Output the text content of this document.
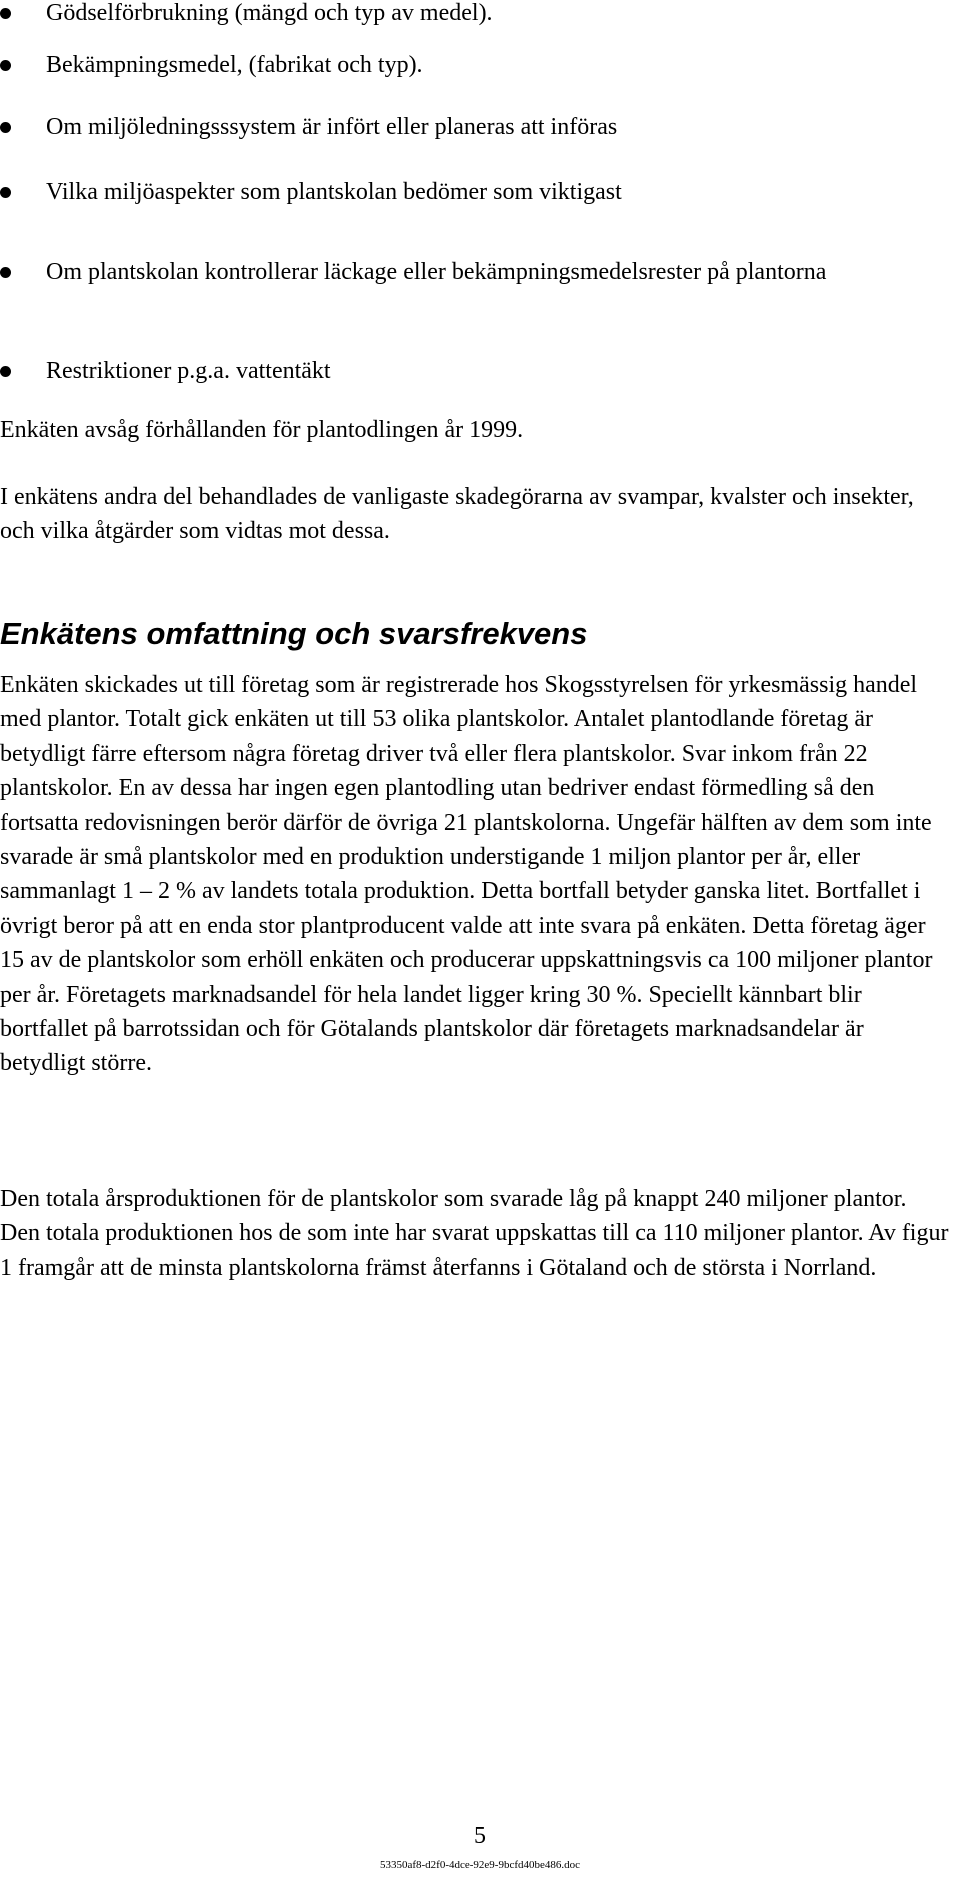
Gödselförbrukning (mängd och typ av medel).
Bekämpningsmedel, (fabrikat och typ).
Om miljöledningsssystem är infört eller planeras att införas
Vilka miljöaspekter som plantskolan bedömer som viktigast
Om plantskolan kontrollerar läckage eller bekämpningsmedelsrester på plantorna
Restriktioner p.g.a. vattentäkt

Enkäten avsåg förhållanden för plantodlingen år 1999.

I enkätens andra del behandlades de vanligaste skadegörarna av svampar, kvalster och insekter, och vilka åtgärder som vidtas mot dessa.

Enkätens omfattning och svarsfrekvens

Enkäten skickades ut till företag som är registrerade hos Skogsstyrelsen för yrkesmässig handel med plantor. Totalt gick enkäten ut till 53 olika plantskolor. Antalet plantodlande företag är betydligt färre eftersom några företag driver två eller flera plantskolor. Svar inkom från 22 plantskolor. En av dessa har ingen egen plantodling utan bedriver endast förmedling så den fortsatta redovisningen berör därför de övriga 21 plantskolorna. Ungefär hälften av dem som inte svarade är små plantskolor med en produktion understigande 1 miljon plantor per år, eller sammanlagt 1 – 2 % av landets totala produktion. Detta bortfall betyder ganska litet. Bortfallet i övrigt beror på att en enda stor plantproducent valde att inte svara på enkäten. Detta företag äger 15 av de plantskolor som erhöll enkäten och producerar uppskattningsvis ca 100 miljoner plantor per år. Företagets marknadsandel för hela landet ligger kring 30 %. Speciellt kännbart blir bortfallet på barrotssidan och för Götalands plantskolor där företagets marknadsandelar är betydligt större.

Den totala årsproduktionen för de plantskolor som svarade låg på knappt 240 miljoner plantor. Den totala produktionen hos de som inte har svarat uppskattas till ca 110 miljoner plantor. Av figur 1 framgår att de minsta plantskolorna främst återfanns i Götaland och de största i Norrland.

5
53350af8-d2f0-4dce-92e9-9bcfd40be486.doc
